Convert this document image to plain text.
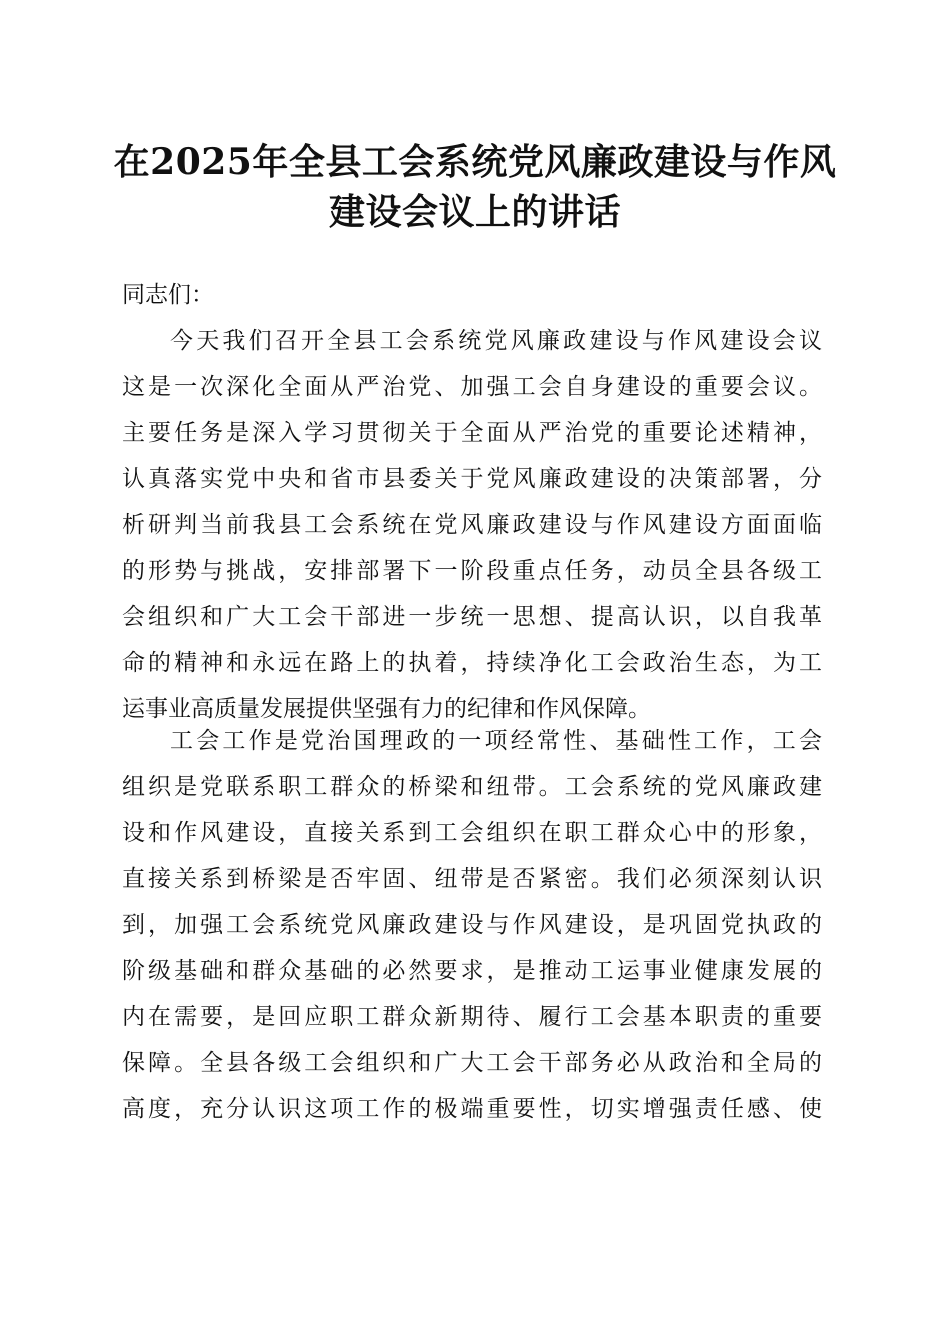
在2025年全县工会系统党风廉政建设与作风
建设会议上的讲话
同志们：
今天我们召开全县工会系统党风廉政建设与作风建设会议
这是一次深化全面从严治党、加强工会自身建设的重要会议。
主要任务是深入学习贯彻关于全面从严治党的重要论述精神，
认真落实党中央和省市县委关于党风廉政建设的决策部署，分
析研判当前我县工会系统在党风廉政建设与作风建设方面面临
的形势与挑战，安排部署下一阶段重点任务，动员全县各级工
会组织和广大工会干部进一步统一思想、提高认识，以自我革
命的精神和永远在路上的执着，持续净化工会政治生态，为工
运事业高质量发展提供坚强有力的纪律和作风保障。
工会工作是党治国理政的一项经常性、基础性工作，工会
组织是党联系职工群众的桥梁和纽带。工会系统的党风廉政建
设和作风建设，直接关系到工会组织在职工群众心中的形象，
直接关系到桥梁是否牢固、纽带是否紧密。我们必须深刻认识
到，加强工会系统党风廉政建设与作风建设，是巩固党执政的
阶级基础和群众基础的必然要求，是推动工运事业健康发展的
内在需要，是回应职工群众新期待、履行工会基本职责的重要
保障。全县各级工会组织和广大工会干部务必从政治和全局的
高度，充分认识这项工作的极端重要性，切实增强责任感、使
